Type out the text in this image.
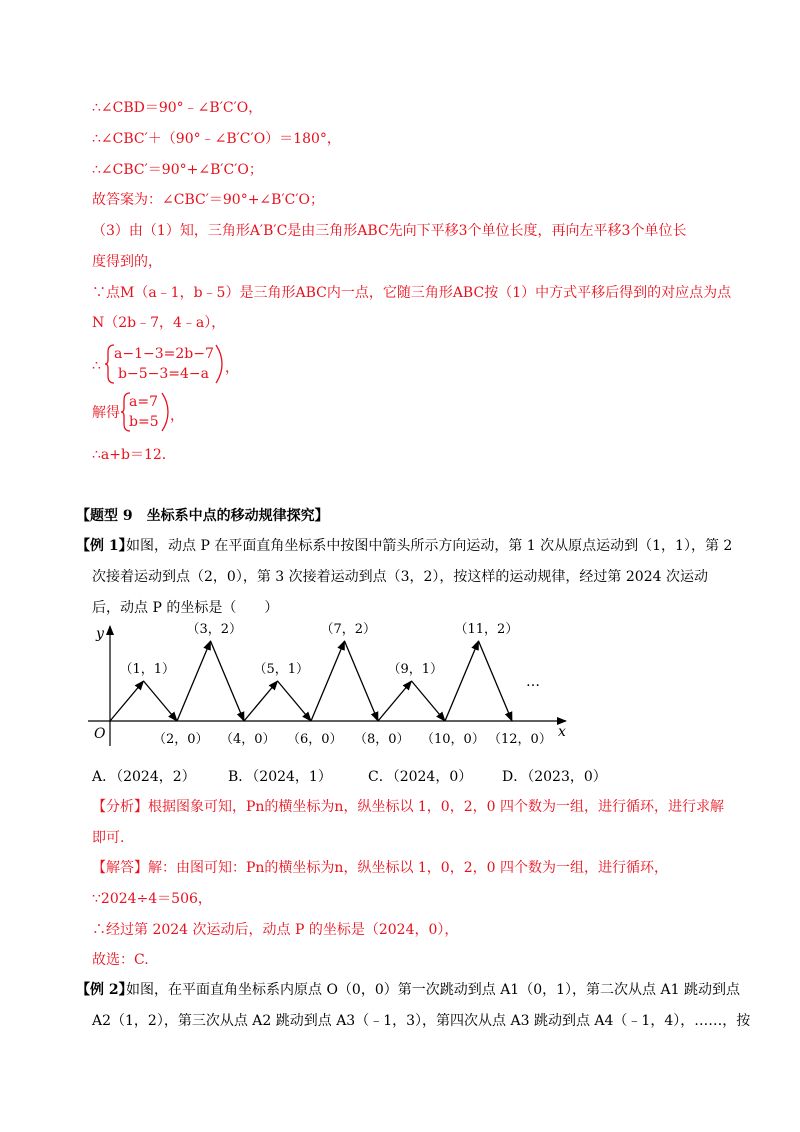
∴∠CBD＝90°﹣∠B′C′O，
∴∠CBC′＋（90°﹣∠B′C′O）＝180°，
∴∠CBC′＝90°+∠B′C′O；
故答案为：∠CBC′＝90°+∠B′C′O；
（3）由（1）知，三角形A′B′C是由三角形ABC先向下平移3个单位长度，再向左平移3个单位长
度得到的，
∵点M（a﹣1，b﹣5）是三角形ABC内一点，它随三角形ABC按（1）中方式平移后得到的对应点为点
N（2b﹣7，4﹣a），
∴
a−1−3=2b−7
b−5−3=4−a ，
解得
a=7
b=5 ，
∴a+b＝12．
【题型 9　坐标系中点的移动规律探究】
【例 1】
如图，动点 P 在平面直角坐标系中按图中箭头所示方向运动，第 1 次从原点运动到（1，1），第 2
次接着运动到点（2，0），第 3 次接着运动到点（3，2），按这样的运动规律，经过第 2024 次运动
后，动点 P 的坐标是（　　）
y
x
O
（1，1）
（3，2）
（5，1）
（7，2）
（9，1）
（11，2）
（2，0） （4，0） （6，0） （8，0） （10，0） （12，0）
…
A．（2024，2） B．（2024，1）	C．（2024，0） D．（2023，0）
【分析】根据图象可知，Pn的横坐标为n，纵坐标以 1，0，2，0 四个数为一组，进行循环，进行求解
即可.
【解答】解：由图可知：Pn的横坐标为n，纵坐标以 1，0，2，0 四个数为一组，进行循环，
∵2024÷4＝506，
∴经过第 2024 次运动后，动点 P 的坐标是（2024，0），
故选：C.
【例 2】
如图，在平面直角坐标系内原点 O（0，0）第一次跳动到点 A1（0，1），第二次从点 A1 跳动到点
A2（1，2），第三次从点 A2 跳动到点 A3（﹣1，3），第四次从点 A3 跳动到点 A4（﹣1，4），……，按
